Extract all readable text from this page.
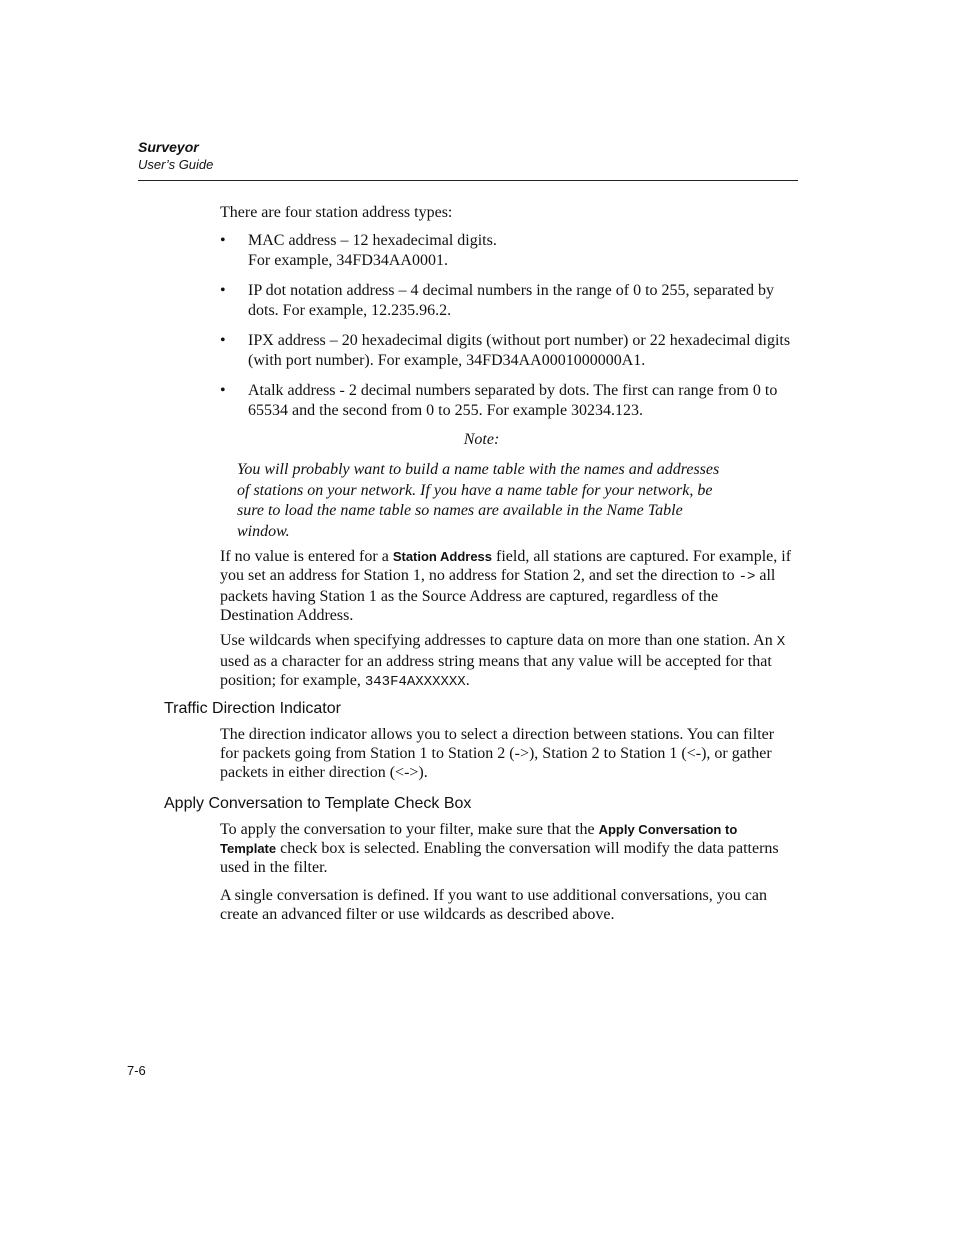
Surveyor
User’s Guide

There are four station address types:

• MAC address – 12 hexadecimal digits.
For example, 34FD34AA0001.
• IP dot notation address – 4 decimal numbers in the range of 0 to 255, separated by dots. For example, 12.235.96.2.
• IPX address – 20 hexadecimal digits (without port number) or 22 hexadecimal digits (with port number). For example, 34FD34AA0001000000A1.
• Atalk address - 2 decimal numbers separated by dots. The first can range from 0 to 65534 and the second from 0 to 255. For example 30234.123.
Note:

You will probably want to build a name table with the names and addresses of stations on your network. If you have a name table for your network, be sure to load the name table so names are available in the Name Table window.

If no value is entered for a Station Address field, all stations are captured. For example, if you set an address for Station 1, no address for Station 2, and set the direction to -> all packets having Station 1 as the Source Address are captured, regardless of the Destination Address.

Use wildcards when specifying addresses to capture data on more than one station. An X used as a character for an address string means that any value will be accepted for that position; for example, 343F4AXXXXXX.

Traffic Direction Indicator

The direction indicator allows you to select a direction between stations. You can filter for packets going from Station 1 to Station 2 (->), Station 2 to Station 1 (<-), or gather packets in either direction (<->).

Apply Conversation to Template Check Box

To apply the conversation to your filter, make sure that the Apply Conversation to Template check box is selected. Enabling the conversation will modify the data patterns used in the filter.

A single conversation is defined. If you want to use additional conversations, you can create an advanced filter or use wildcards as described above.

7-6
